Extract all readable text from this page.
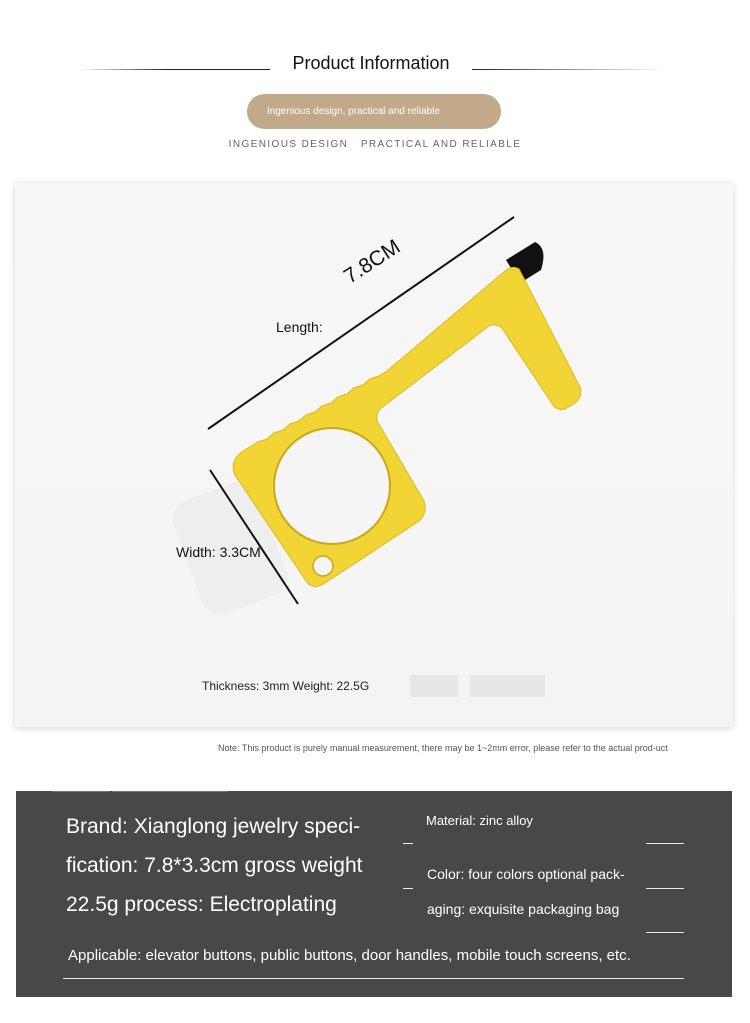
Product Information
Ingenious design, practical and reliable
INGENIOUS DESIGN   PRACTICAL AND RELIABLE
Length:
7.8CM
Width: 3.3CM
Thickness: 3mm Weight: 22.5G
Note: This product is purely manual measurement, there may be 1~2mm error, please refer to the actual prod-uct
Brand: Xianglong jewelry speci-fication: 7.8*3.3cm gross weight 22.5g process: Electroplating
Material: zinc alloy
Color: four colors optional pack-aging: exquisite packaging bag
Applicable: elevator buttons, public buttons, door handles, mobile touch screens, etc.
